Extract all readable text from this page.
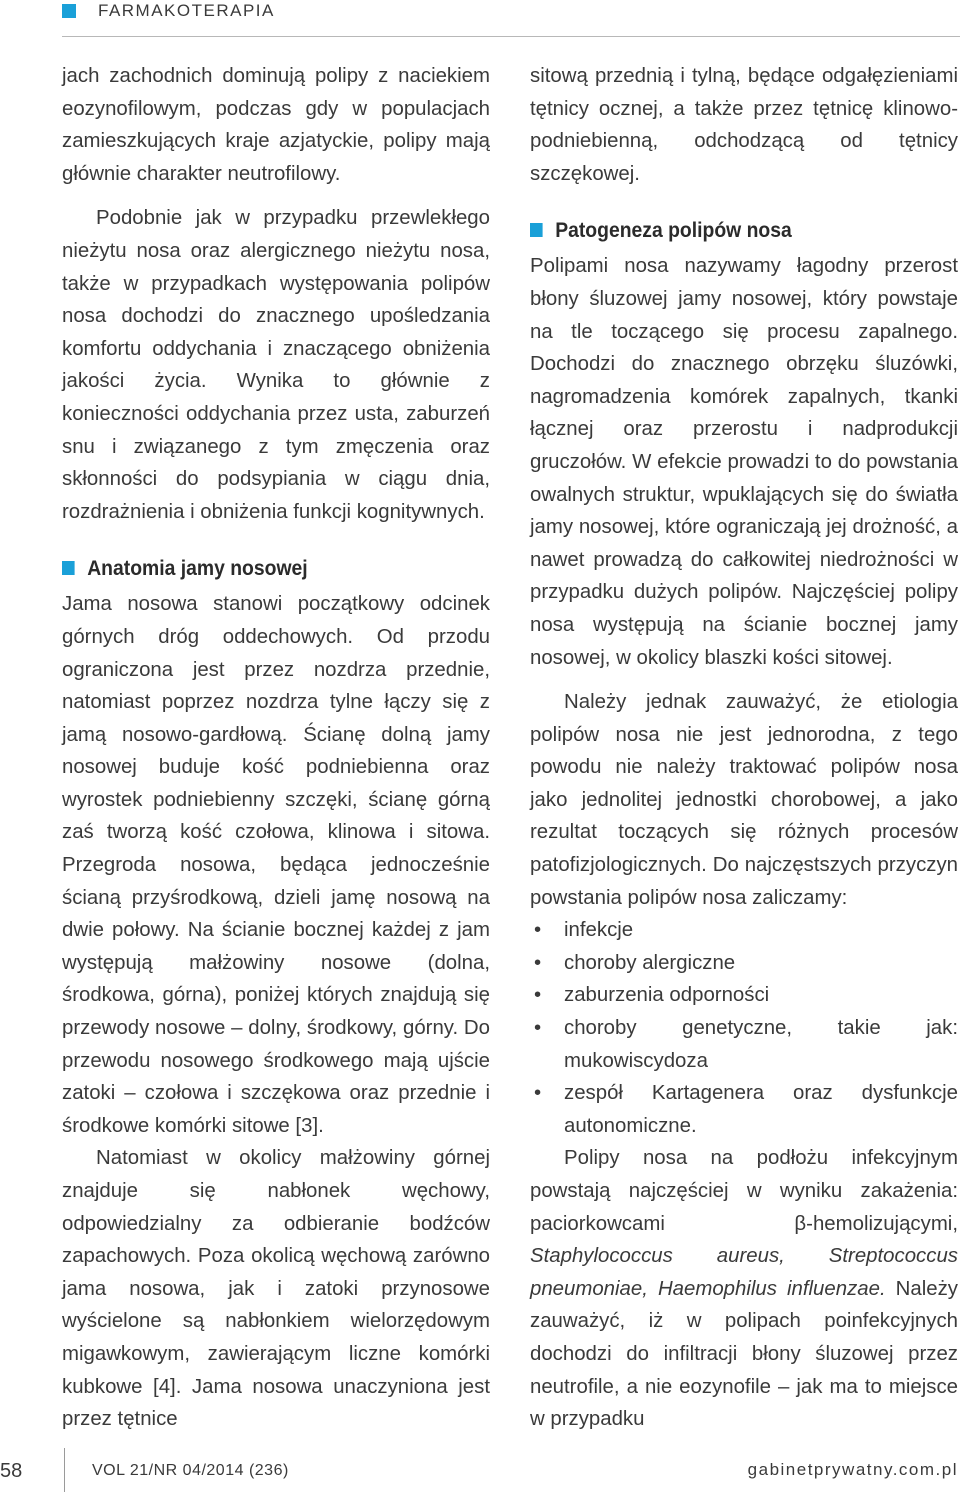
FARMAKOTERAPIA

jach zachodnich dominują polipy z naciekiem eozynofilowym, podczas gdy w populacjach zamieszkujących kraje azjatyckie, polipy mają głównie charakter neutrofilowy.

Podobnie jak w przypadku przewlekłego nieżytu nosa oraz alergicznego nieżytu nosa, także w przypadkach występowania polipów nosa dochodzi do znacznego upośledzania komfortu oddychania i znaczącego obniżenia jakości życia. Wynika to głównie z konieczności oddychania przez usta, zaburzeń snu i związanego z tym zmęczenia oraz skłonności do podsypiania w ciągu dnia, rozdrażnienia i obniżenia funkcji kognitywnych.

Anatomia jamy nosowej

Jama nosowa stanowi początkowy odcinek górnych dróg oddechowych. Od przodu ograniczona jest przez nozdrza przednie, natomiast poprzez nozdrza tylne łączy się z jamą nosowo-gardłową. Ścianę dolną jamy nosowej buduje kość podniebienna oraz wyrostek podniebienny szczęki, ścianę górną zaś tworzą kość czołowa, klinowa i sitowa. Przegroda nosowa, będąca jednocześnie ścianą przyśrodkową, dzieli jamę nosową na dwie połowy. Na ścianie bocznej każdej z jam występują małżowiny nosowe (dolna, środkowa, górna), poniżej których znajdują się przewody nosowe – dolny, środkowy, górny. Do przewodu nosowego środkowego mają ujście zatoki – czołowa i szczękowa oraz przednie i środkowe komórki sitowe [3].

Natomiast w okolicy małżowiny górnej znajduje się nabłonek węchowy, odpowiedzialny za odbieranie bodźców zapachowych. Poza okolicą węchową zarówno jama nosowa, jak i zatoki przynosowe wyścielone są nabłonkiem wielorzędowym migawkowym, zawierającym liczne komórki kubkowe [4]. Jama nosowa unaczyniona jest przez tętnice

sitową przednią i tylną, będące odgałęzieniami tętnicy ocznej, a także przez tętnicę klinowo-podniebienną, odchodzącą od tętnicy szczękowej.

Patogeneza polipów nosa

Polipami nosa nazywamy łagodny przerost błony śluzowej jamy nosowej, który powstaje na tle toczącego się procesu zapalnego. Dochodzi do znacznego obrzęku śluzówki, nagromadzenia komórek zapalnych, tkanki łącznej oraz przerostu i nadprodukcji gruczołów. W efekcie prowadzi to do powstania owalnych struktur, wpuklających się do światła jamy nosowej, które ograniczają jej drożność, a nawet prowadzą do całkowitej niedrożności w przypadku dużych polipów. Najczęściej polipy nosa występują na ścianie bocznej jamy nosowej, w okolicy blaszki kości sitowej.

Należy jednak zauważyć, że etiologia polipów nosa nie jest jednorodna, z tego powodu nie należy traktować polipów nosa jako jednolitej jednostki chorobowej, a jako rezultat toczących się różnych procesów patofizjologicznych. Do najczęstszych przyczyn powstania polipów nosa zaliczamy:

• infekcje
• choroby alergiczne
• zaburzenia odporności
• choroby genetyczne, takie jak: mukowiscydoza
• zespół Kartagenera oraz dysfunkcje autonomiczne.

Polipy nosa na podłożu infekcyjnym powstają najczęściej w wyniku zakażenia: paciorkowcami β-hemolizującymi, Staphylococcus aureus, Streptococcus pneumoniae, Haemophilus influenzae. Należy zauważyć, iż w polipach poinfekcyjnych dochodzi do infiltracji błony śluzowej przez neutrofile, a nie eozynofile – jak ma to miejsce w przypadku

58	VOL 21/NR 04/2014 (236)	gabinetprywatny.com.pl
